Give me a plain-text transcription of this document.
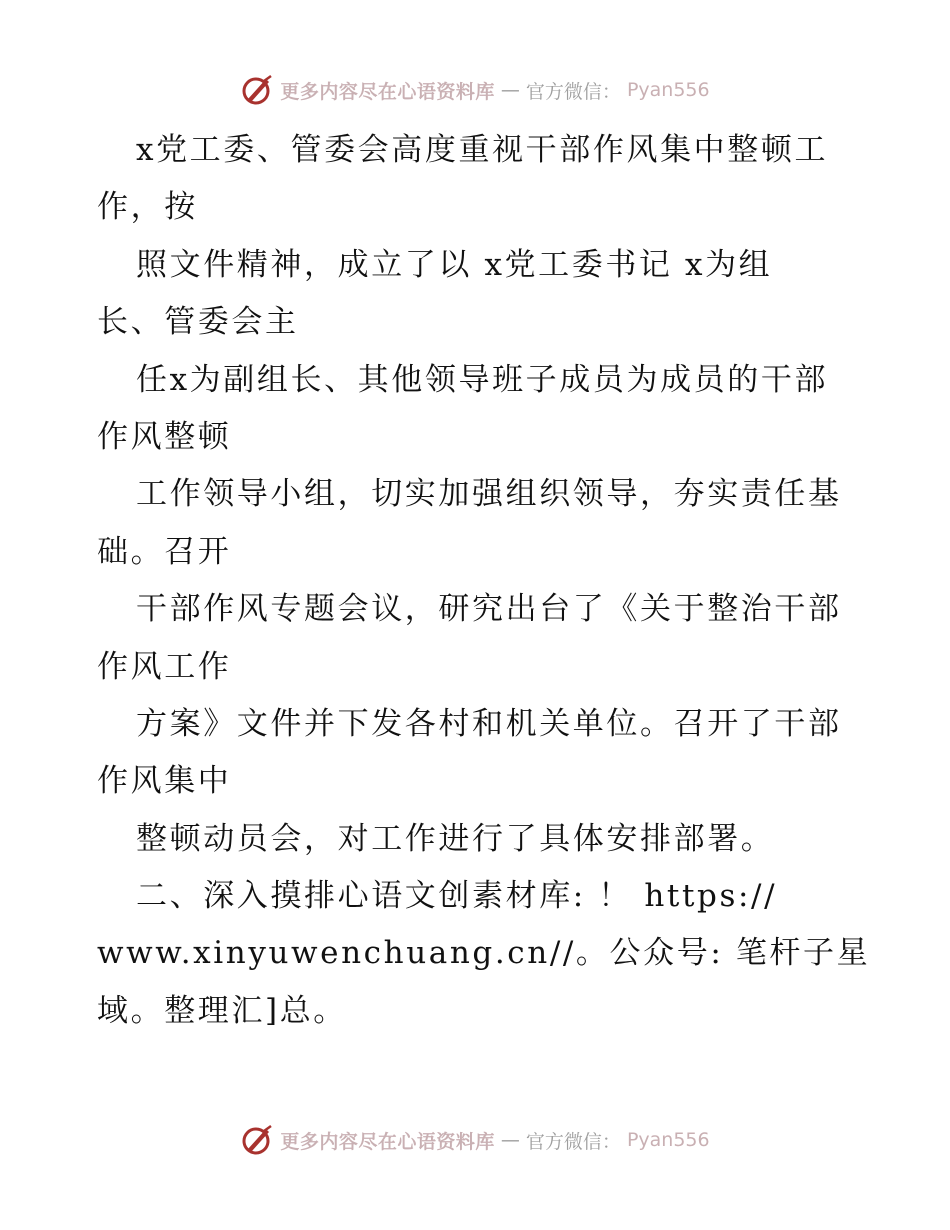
更多内容尽在心语资料库 — 官方微信： Pyan556
x党工委、管委会高度重视干部作风集中整顿工
作，按
照文件精神，成立了以 x党工委书记 x为组
长、管委会主
任x为副组长、其他领导班子成员为成员的干部
作风整顿
工作领导小组，切实加强组织领导，夯实责任基
础。召开
干部作风专题会议，研究出台了《关于整治干部
作风工作
方案》文件并下发各村和机关单位。召开了干部
作风集中
整顿动员会，对工作进行了具体安排部署。
二、深入摸排心语文创素材库: ！ https://
www.xinyuwenchuang.cn//。公众号: 笔杆子星
域。整理汇]总。
更多内容尽在心语资料库 — 官方微信： Pyan556
